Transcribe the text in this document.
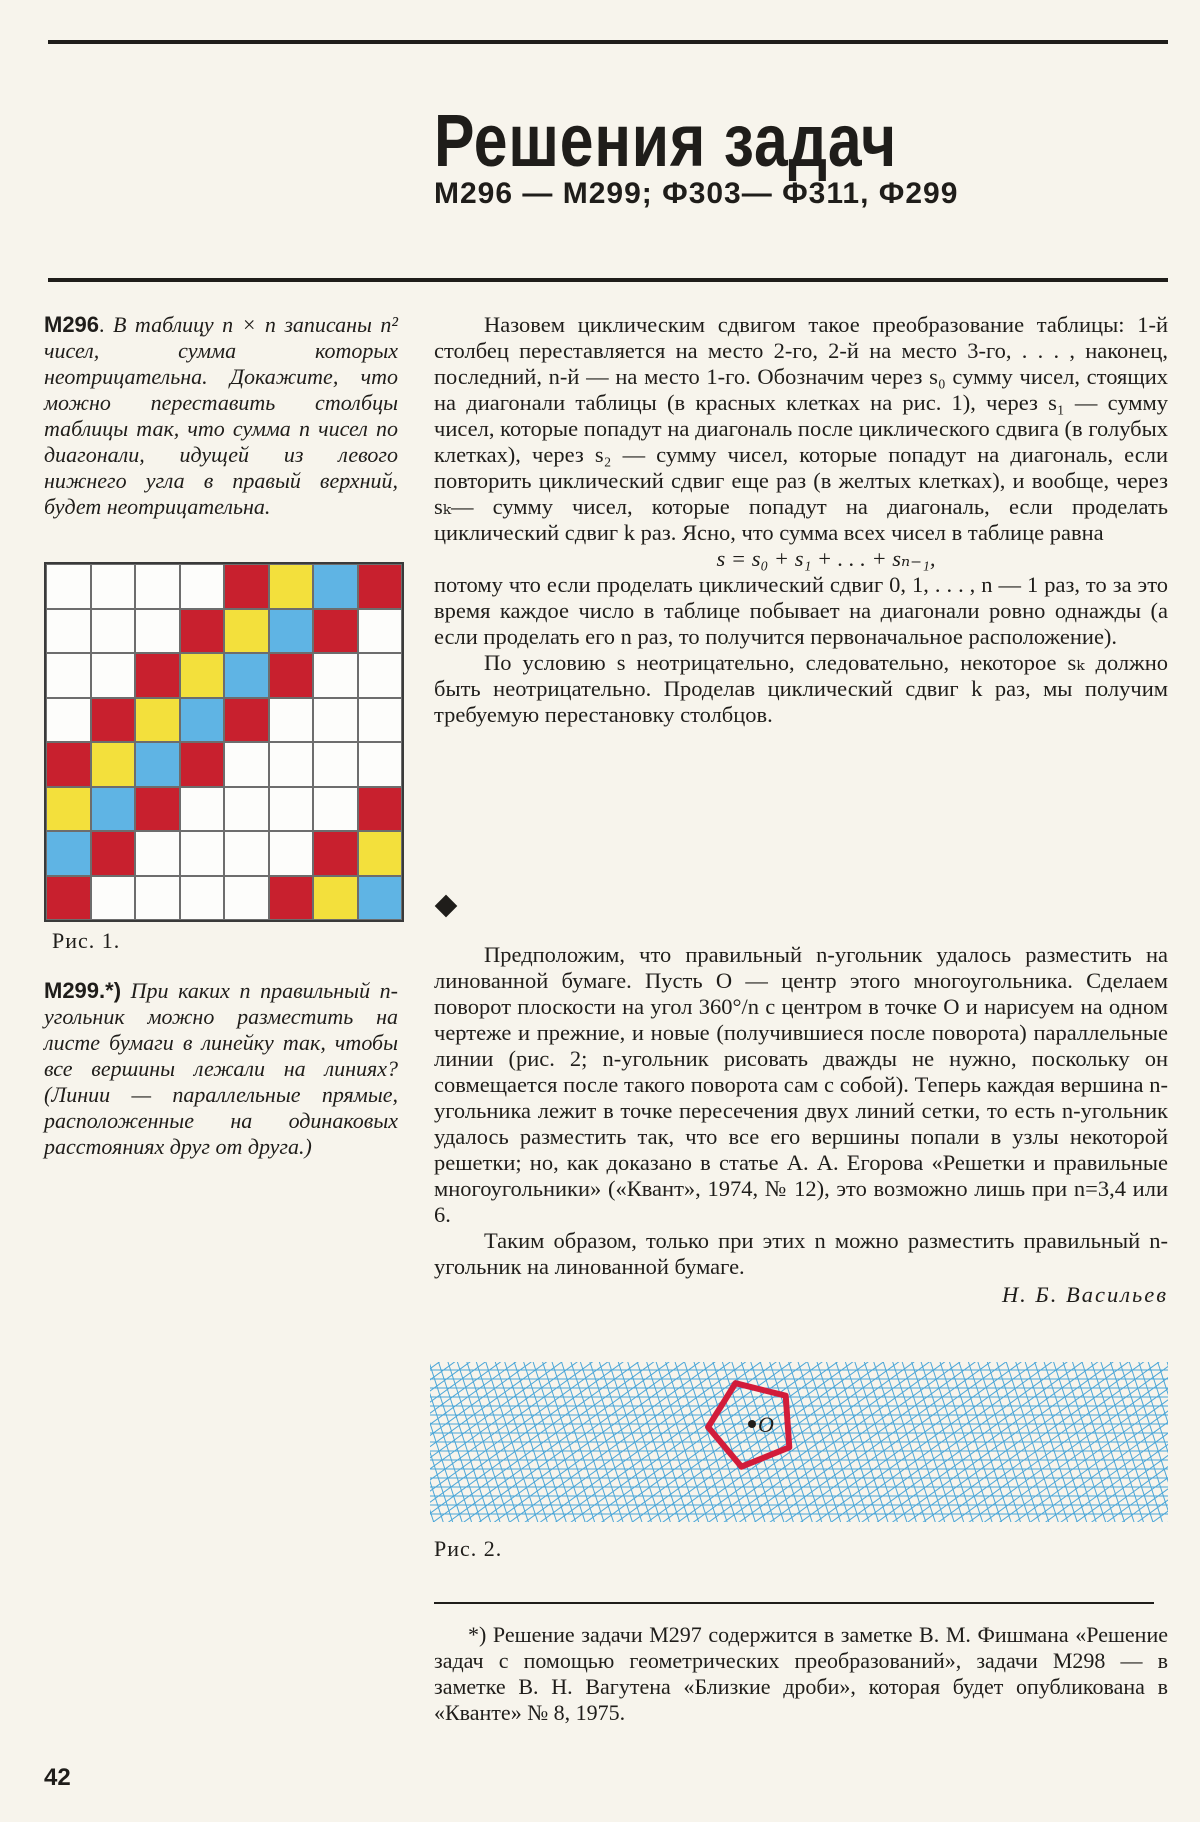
Решения задач
М296 — М299; Ф303— Ф311, Ф299
М296. В таблицу n × n записаны n² чисел, сумма которых неотрицательна. Докажите, что можно переставить столбцы таблицы так, что сумма n чисел по диагонали, идущей из левого нижнего угла в правый верхний, будет неотрицательна.
Рис. 1.
М299.*) При каких n правильный n-угольник можно разместить на листе бумаги в линейку так, чтобы все вершины лежали на линиях? (Линии — параллельные прямые, расположенные на одинаковых расстояниях друг от друга.)

Назовем циклическим сдвигом такое преобразование таблицы: 1-й столбец переставляется на место 2-го, 2-й на место 3-го, . . . , наконец, последний, n-й — на место 1-го. Обозначим через s₀ сумму чисел, стоящих на диагонали таблицы (в красных клетках на рис. 1), через s₁ — сумму чисел, которые попадут на диагональ после циклического сдвига (в голубых клетках), через s₂ — сумму чисел, которые попадут на диагональ, если повторить циклический сдвиг еще раз (в желтых клетках), и вообще, через sₖ— сумму чисел, которые попадут на диагональ, если проделать циклический сдвиг k раз. Ясно, что сумма всех чисел в таблице равна

s = s₀ + s₁ + . . . + sₙ₋₁,

потому что если проделать циклический сдвиг 0, 1, . . . , n — 1 раз, то за это время каждое число в таблице побывает на диагонали ровно однажды (а если проделать его n раз, то получится первоначальное расположение).

По условию s неотрицательно, следовательно, некоторое sₖ должно быть неотрицательно. Проделав циклический сдвиг k раз, мы получим требуемую перестановку столбцов.

Предположим, что правильный n-угольник удалось разместить на линованной бумаге. Пусть O — центр этого многоугольника. Сделаем поворот плоскости на угол 360°/n с центром в точке O и нарисуем на одном чертеже и прежние, и новые (получившиеся после поворота) параллельные линии (рис. 2; n-угольник рисовать дважды не нужно, поскольку он совмещается после такого поворота сам с собой). Теперь каждая вершина n-угольника лежит в точке пересечения двух линий сетки, то есть n-угольник удалось разместить так, что все его вершины попали в узлы некоторой решетки; но, как доказано в статье А. А. Егорова «Решетки и правильные многоугольники» («Квант», 1974, № 12), это возможно лишь при n=3,4 или 6.

Таким образом, только при этих n можно разместить правильный n-угольник на линованной бумаге.

Н. Б. Васильев
O
Рис. 2.

*) Решение задачи М297 содержится в заметке В. М. Фишмана «Решение задач с помощью геометрических преобразований», задачи М298 — в заметке В. Н. Вагутена «Близкие дроби», которая будет опубликована в «Кванте» № 8, 1975.

42
